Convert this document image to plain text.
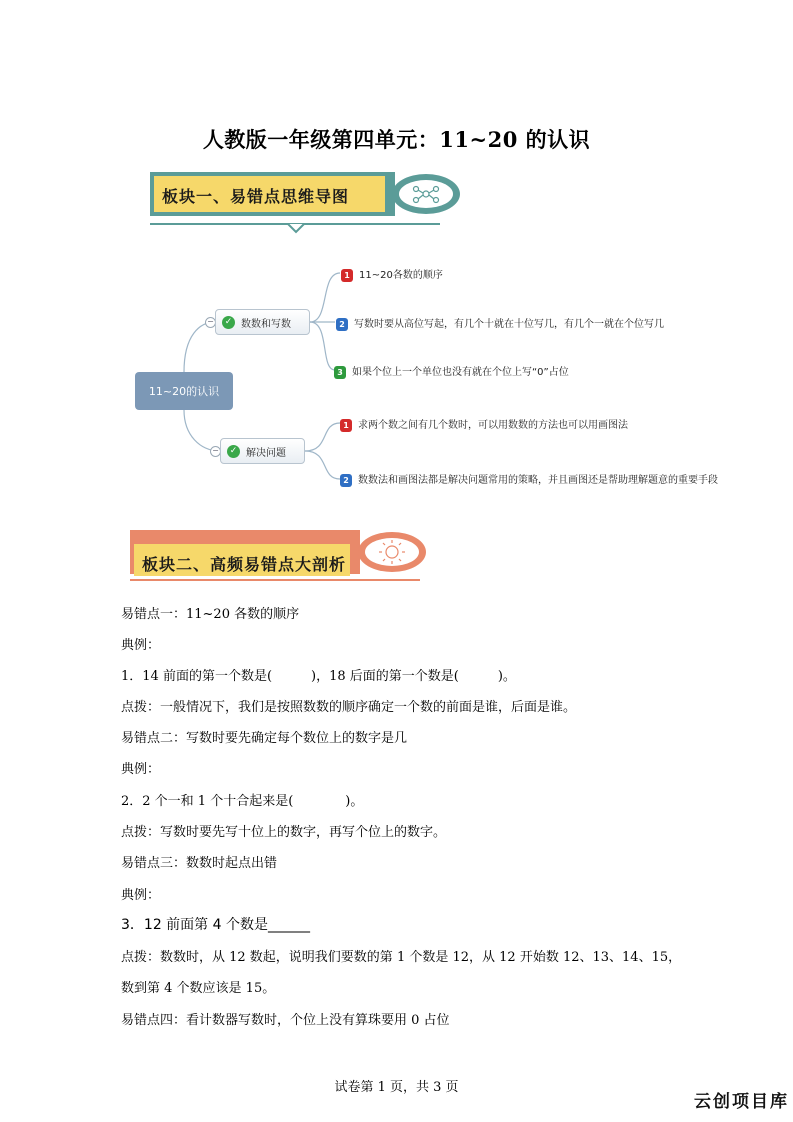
人教版一年级第四单元：11~20 的认识
板块一、易错点思维导图
11~20的认识
−	✓ 数数和写数
−	✓ 解决问题
1 11~20各数的顺序
2 写数时要从高位写起，有几个十就在十位写几，有几个一就在个位写几
3 如果个位上一个单位也没有就在个位上写“0”占位
1 求两个数之间有几个数时，可以用数数的方法也可以用画图法
2 数数法和画图法都是解决问题常用的策略，并且画图还是帮助理解题意的重要手段
板块二、高频易错点大剖析
易错点一：11~20 各数的顺序
典例：
1．14 前面的第一个数是(　　　)，18 后面的第一个数是(　　　)。
点拨：一般情况下，我们是按照数数的顺序确定一个数的前面是谁，后面是谁。
易错点二：写数时要先确定每个数位上的数字是几
典例：
2．2 个一和 1 个十合起来是(　　　　)。
点拨：写数时要先写十位上的数字，再写个位上的数字。
易错点三：数数时起点出错
典例：
3．12 前面第 4 个数是______
点拨：数数时，从 12 数起，说明我们要数的第 1 个数是 12，从 12 开始数 12、13、14、15，
数到第 4 个数应该是 15。
易错点四：看计数器写数时，个位上没有算珠要用 0 占位
试卷第 1 页，共 3 页
云创项目库
